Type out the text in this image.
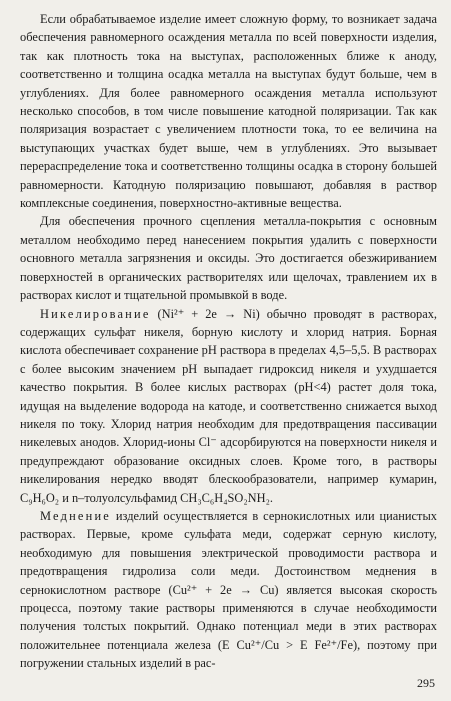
Если обрабатываемое изделие имеет сложную форму, то возникает задача обеспечения равномерного осаждения металла по всей поверхности изделия, так как плотность тока на выступах, расположенных ближе к аноду, соответственно и толщина осадка металла на выступах будут больше, чем в углублениях. Для более равномерного осаждения металла используют несколько способов, в том числе повышение катодной поляризации. Так как поляризация возрастает с увеличением плотности тока, то ее величина на выступающих участках будет выше, чем в углублениях. Это вызывает перераспределение тока и соответственно толщины осадка в сторону большей равномерности. Катодную поляризацию повышают, добавляя в раствор комплексные соединения, поверхностно-активные вещества.

Для обеспечения прочного сцепления металла-покрытия с основным металлом необходимо перед нанесением покрытия удалить с поверхности основного металла загрязнения и оксиды. Это достигается обезжириванием поверхностей в органических растворителях или щелочах, травлением их в растворах кислот и тщательной промывкой в воде.

Никелирование (Ni²⁺ + 2e → Ni) обычно проводят в растворах, содержащих сульфат никеля, борную кислоту и хлорид натрия. Борная кислота обеспечивает сохранение pH раствора в пределах 4,5–5,5. В растворах с более высоким значением pH выпадает гидроксид никеля и ухудшается качество покрытия. В более кислых растворах (pH<4) растет доля тока, идущая на выделение водорода на катоде, и соответственно снижается выход никеля по току. Хлорид натрия необходим для предотвращения пассивации никелевых анодов. Хлорид-ионы Cl⁻ адсорбируются на поверхности никеля и предупреждают образование оксидных слоев. Кроме того, в растворы никелирования нередко вводят блескообразователи, например кумарин, C₉H₆O₂ и n–толуолсульфамид CH₃C₆H₄SO₂NH₂.

Меднение изделий осуществляется в сернокислотных или цианистых растворах. Первые, кроме сульфата меди, содержат серную кислоту, необходимую для повышения электрической проводимости раствора и предотвращения гидролиза соли меди. Достоинством меднения в сернокислотном растворе (Cu²⁺ + 2e → Cu) является высокая скорость процесса, поэтому такие растворы применяются в случае необходимости получения толстых покрытий. Однако потенциал меди в этих растворах положительнее потенциала железа (E Cu²⁺/Cu > E Fe²⁺/Fe), поэтому при погружении стальных изделий в рас-

295
